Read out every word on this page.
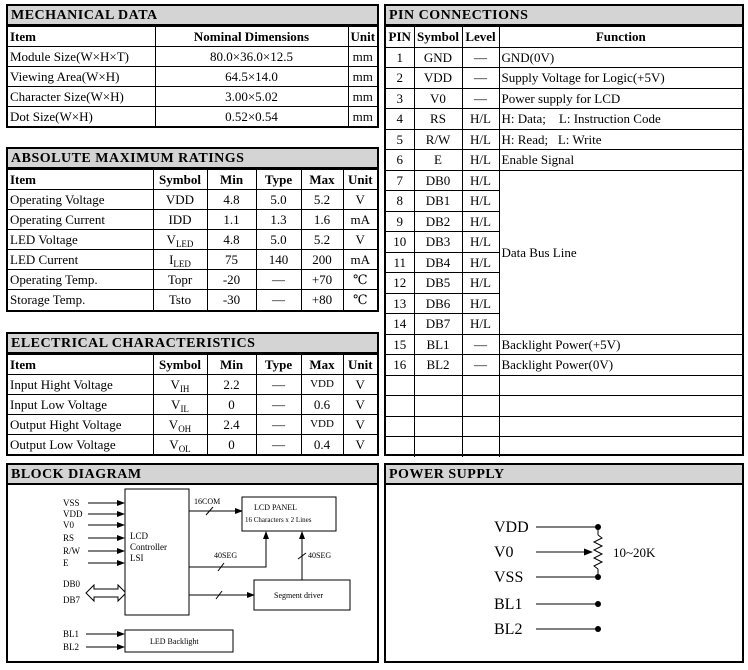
MECHANICAL DATA
Item	Nominal Dimensions	Unit
Module Size(W×H×T)	80.0×36.0×12.5	mm
Viewing Area(W×H)	64.5×14.0	mm
Character Size(W×H)	3.00×5.02	mm
Dot Size(W×H)	0.52×0.54	mm
ABSOLUTE MAXIMUM RATINGS
Item	Symbol	Min	Type	Max	Unit
Operating Voltage	VDD	4.8	5.0	5.2	V
Operating Current	IDD	1.1	1.3	1.6	mA
LED Voltage	$V_{LED}$	4.8	5.0	5.2	V
LED Current	$I_{LED}$	75	140	200	mA
Operating Temp.	Topr	-20	—	+70	℃
Storage Temp.	Tsto	-30	—	+80	℃
ELECTRICAL CHARACTERISTICS
Item	Symbol	Min	Type	Max	Unit
Input Hight Voltage	$V_{IH}$	2.2	—	VDD	V
Input Low Voltage	$V_{IL}$	0	—	0.6	V
Output Hight Voltage	$V_{OH}$	2.4	—	VDD	V
Output Low Voltage	$V_{OL}$	0	—	0.4	V
PIN CONNECTIONS
PIN	Symbol	Level	Function
1	GND	—	GND(0V)
2	VDD	—	Supply Voltage for Logic(+5V)
3	V0	—	Power supply for LCD
4	RS	H/L	H: Data;    L: Instruction Code
5	R/W	H/L	H: Read;   L: Write
6	E	H/L	Enable Signal
7	DB0	H/L	Data Bus Line
8	DB1	H/L	
9	DB2	H/L	
10	DB3	H/L	
11	DB4	H/L	
12	DB5	H/L	
13	DB6	H/L	
14	DB7	H/L	
15	BL1	—	Backlight Power(+5V)
16	BL2	—	Backlight Power(0V)

BLOCK DIAGRAM
VSS
VDD
V0
RS
R/W
E
DB0
DB7
LCD
Controller
LSI
16COM
LCD PANEL
16 Characters x 2 Lines
40SEG	40SEG
Segment driver
BL1
BL2
LED Backlight
POWER SUPPLY
VDD
V0
VSS
BL1
BL2
10~20K
